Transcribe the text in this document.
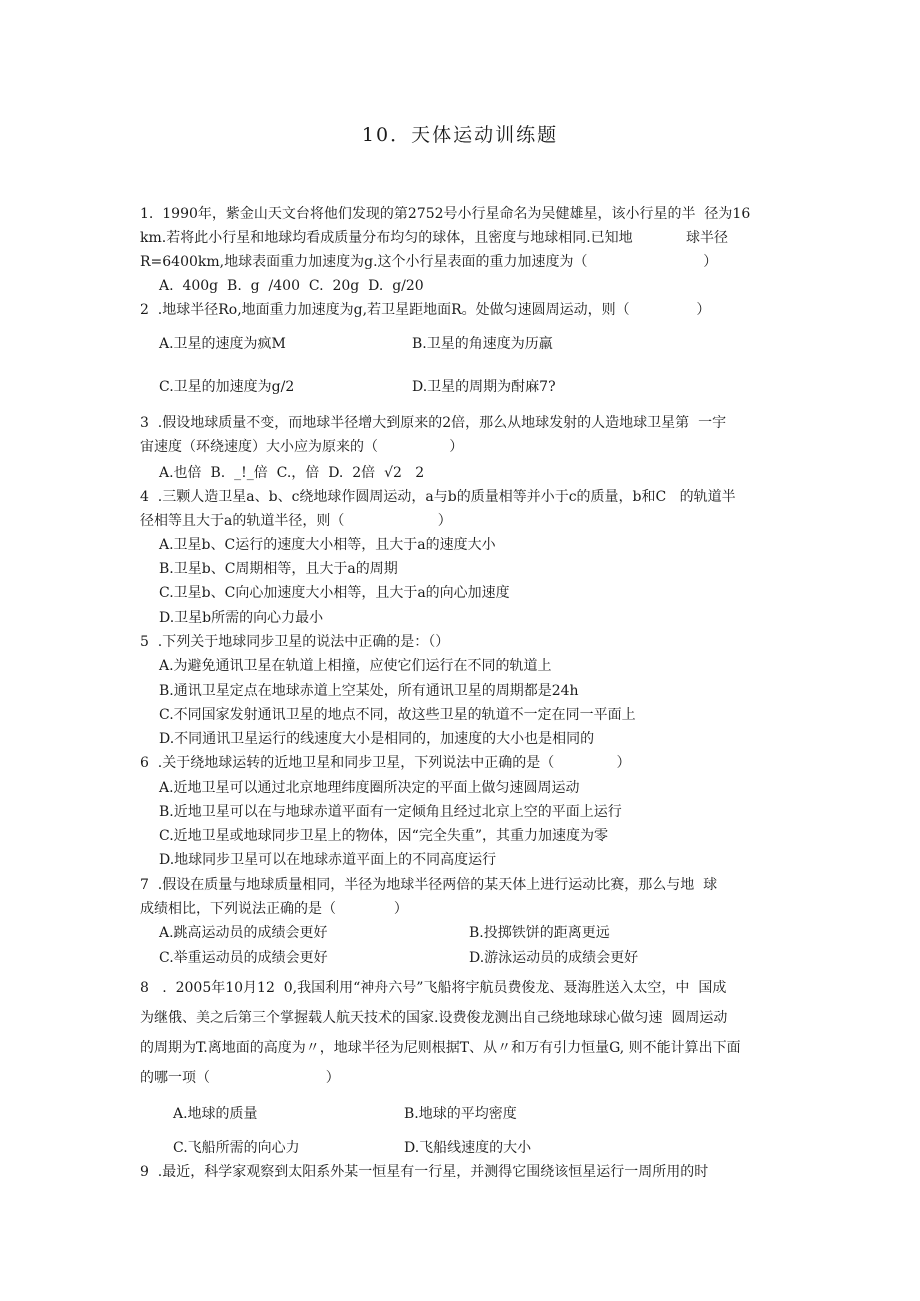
10．天体运动训练题
1.  1990年，紫金山天文台将他们发现的第2752号小行星命名为吴健雄星，该小行星的半  径为16
km.若将此小行星和地球均看成质量分布均匀的球体，且密度与地球相同.已知地            球半径
R=6400km,地球表面重力加速度为g.这个小行星表面的重力加速度为（                          ）
A.  400g  B.  g  /400  C.  20g  D.  g/20
2  .地球半径Ro,地面重力加速度为g,若卫星距地面R。处做匀速圆周运动，则（               ）
A.卫星的速度为疯M	B.卫星的角速度为历羸
C.卫星的加速度为g/2	D.卫星的周期为酎麻7?
3  .假设地球质量不变，而地球半径增大到原来的2倍，那么从地球发射的人造地球卫星第  一宇
宙速度（环绕速度）大小应为原来的（                ）
A.也倍  B.  _!_倍  C.，倍  D.  2倍  √2   2
4  .三颗人造卫星a、b、c绕地球作圆周运动，a与b的质量相等并小于c的质量，b和C   的轨道半
径相等且大于a的轨道半径，则（                     ）
A.卫星b、C运行的速度大小相等，且大于a的速度大小
B.卫星b、C周期相等，且大于a的周期
C.卫星b、C向心加速度大小相等，且大于a的向心加速度
D.卫星b所需的向心力最小
5  .下列关于地球同步卫星的说法中正确的是：（）
A.为避免通讯卫星在轨道上相撞，应使它们运行在不同的轨道上
B.通讯卫星定点在地球赤道上空某处，所有通讯卫星的周期都是24h
C.不同国家发射通讯卫星的地点不同，故这些卫星的轨道不一定在同一平面上
D.不同通讯卫星运行的线速度大小是相同的，加速度的大小也是相同的
6  .关于绕地球运转的近地卫星和同步卫星，下列说法中正确的是（              ）
A.近地卫星可以通过北京地理纬度圈所决定的平面上做匀速圆周运动
B.近地卫星可以在与地球赤道平面有一定倾角且经过北京上空的平面上运行
C.近地卫星或地球同步卫星上的物体，因“完全失重”，其重力加速度为零
D.地球同步卫星可以在地球赤道平面上的不同高度运行
7  .假设在质量与地球质量相同，半径为地球半径两倍的某天体上进行运动比赛，那么与地  球
成绩相比，下列说法正确的是（             ）
A.跳高运动员的成绩会更好	B.投掷铁饼的距离更远
C.举重运动员的成绩会更好	D.游泳运动员的成绩会更好
8   .  2005年10月12  0,我国利用“神舟六号”飞船将宇航员费俊龙、聂海胜送入太空，中  国成
为继俄、美之后第三个掌握载人航天技术的国家.设费俊龙测出自己绕地球球心做匀速  圆周运动
的周期为T.离地面的高度为〃，地球半径为尼则根据T、从〃和万有引力恒量G, 则不能计算出下面
的哪一项（                          ）
A.地球的质量	B.地球的平均密度
C.飞船所需的向心力	D.飞船线速度的大小
9  .最近，科学家观察到太阳系外某一恒星有一行星，并测得它围绕该恒星运行一周所用的时
